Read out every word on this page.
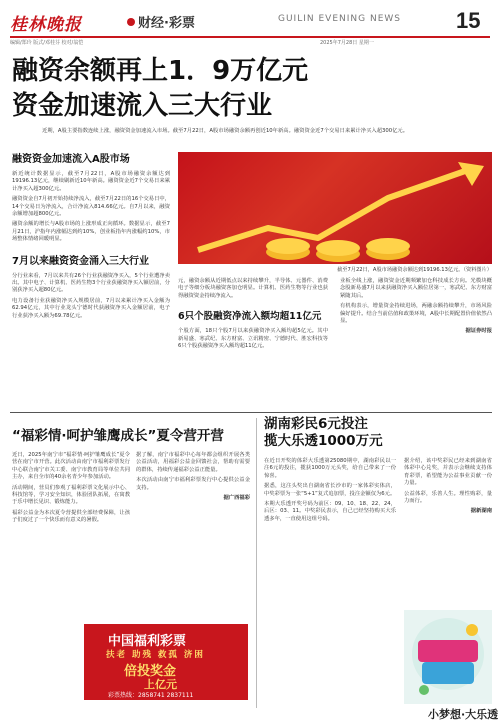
桂林晚报	财经·彩票	GUILIN EVENING NEWS	15
编辑/郑玲 版式/邓桂芬 校对/翁恺	2025年7月28日 星期一
融资余额再上1．9万亿元
资金加速流入三大行业
近期，A股主要指数连续上涨，融资资金加速流入市场。截至7月22日，A股市场融资余额再创近10年新高。融资资金近7个交易日来累计净买入超300亿元。
融资资金加速流入A股市场

新近统计数据显示，截至7月22日，A股市场融资余额达到19196.13亿元，继续刷新近10年新高。融资资金近7个交易日来累计净买入超300亿元。

融资资金自7月初开始持续净流入，截至7月22日的16个交易日中，14个交易日为净流入，合计净流入814.66亿元。自7月以来，融资余额增加超800亿元。

融资余额的增长与A股市场的上涨形成正向循环。数据显示，截至7月21日，沪指年内涨幅达到约10%，创业板指年内涨幅约10%，市场整体情绪回暖明显。

7月以来融资资金涌入三大行业

分行业来看，7月以来共有26个行业获融资净买入，5个行业遭净卖出。其中电子、计算机、医药生物3个行业获融资净买入额居前，分别获净买入超80亿元。

电力设备行业获融资净买入规模居前，7月以来累计净买入金额为62.94亿元，其中行业龙头宁德时代获融资净买入金额居前，电子行业获净买入额为69.78亿元。

截至7月22日，A股市场融资余额达到19196.13亿元。（资料图片）

元，融资余额从近期低点以来持续攀升，半导体、元器件、消费电子等细分板块融资客加仓明显。计算机、医药生物等行业也获得融资资金持续净流入。

6只个股融资净流入额均超11亿元

个股方面，18只个股7月以来获融资净买入额均超5亿元。其中新易盛、寒武纪、东方财富、立讯精密、宁德时代、胜宏科技等6只个股获融资净买入额均超11亿元。

业板全线上涨，融资资金近期频繁加仓科技成长方向。光模块概念股新易盛7月以来获融资净买入额位居第一，寒武纪、东方财富紧随其后。

有机构表示，增量资金持续进场，两融余额持续攀升，市场风险偏好提升。结合当前估值和政策环境，A股中长期配置价值依然凸显。

据证券时报
“福彩情·呵护雏鹰成长”夏令营开营

近日，2025年南宁市“福彩情·呵护雏鹰成长”夏令营在南宁市开营。此次活动由南宁市福利彩票发行中心联合南宁市关工委、南宁市教育局等单位共同主办，来自全市的40余名青少年参加活动。

活动期间，营员们参观了福利彩票文化展示中心、科技馆等，学习安全知识，体验团队拓展，在寓教于乐中增长见识、锻炼能力。

福彩公益金为本次夏令营提供全部经费保障，让孩子们度过了一个快乐而有意义的暑假。

据了解，南宁市福彩中心每年都会组织开展各类公益活动，用福彩公益金回馈社会，帮助有需要的群体，持续传递福彩公益正能量。

本次活动由南宁市福利彩票发行中心提供公益金支持。

据广西福彩
中国福利彩票
扶老 助残 救孤 济困
倍投奖金
上亿元
彩票热线：2858741 2837111
湖南彩民6元投注
揽大乐透1000万元

在近日开奖的体彩大乐透第25080期中，湖南彩民以一注6元的投注，揽获1000万元头奖，给自己带来了一份惊喜。

据悉，这注头奖出自湖南省长沙市的一家体彩实体店，中奖彩票为一张“5+1”复式追加票，投注金额仅为6元。

本期大乐透开奖号码为前区：09、10、18、22、24，后区：03、11。中奖彩民表示，自己已经坚持购买大乐透多年，一直使用这组号码。

据介绍，该中奖彩民已经来到湖南省体彩中心兑奖，并表示会继续支持体育彩票，希望能为公益事业贡献一份力量。

公益体彩，乐善人生。理性购彩，量力而行。

据新湖南
小梦想·大乐透
